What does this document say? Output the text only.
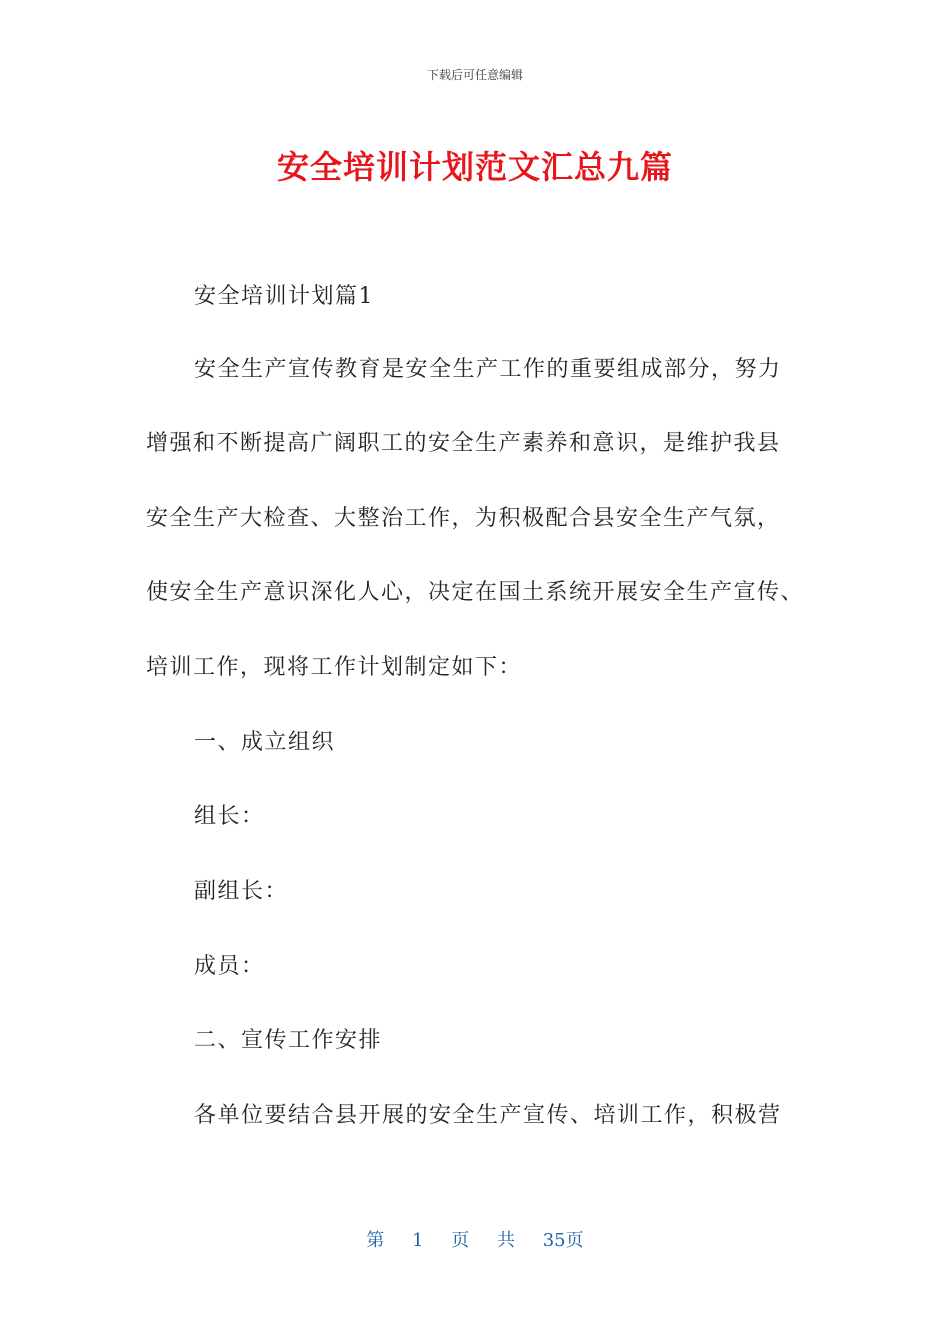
下载后可任意编辑
安全培训计划范文汇总九篇
安全培训计划篇1
安全生产宣传教育是安全生产工作的重要组成部分，努力
增强和不断提高广阔职工的安全生产素养和意识，是维护我县
安全生产大检查、大整治工作，为积极配合县安全生产气氛，
使安全生产意识深化人心，决定在国土系统开展安全生产宣传、
培训工作，现将工作计划制定如下：
一、成立组织
组长：
副组长：
成员：
二、宣传工作安排
各单位要结合县开展的安全生产宣传、培训工作，积极营
第 1 页 共 35页
